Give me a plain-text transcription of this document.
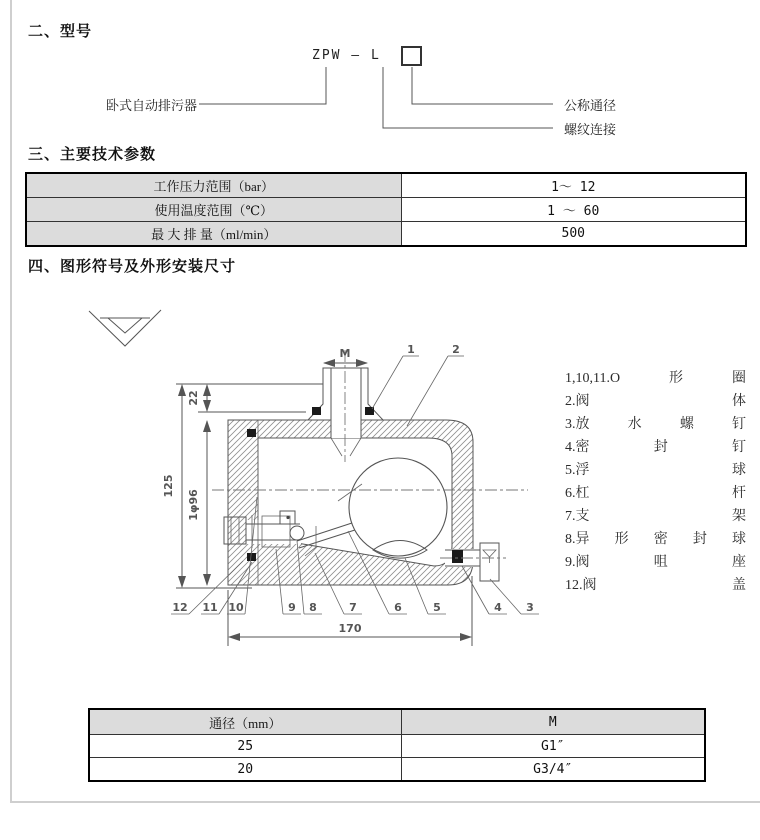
二、型号
三、主要技术参数
四、图形符号及外形安装尺寸
ZPW — L
卧式自动排污器	公称通径
螺纹连接
工作压力范围（bar）	1～ 12
使用温度范围（℃）	1 ～ 60
最 大 排 量（ml/min）	500
22
125
1φ96
170
M	1	2
12 11 10	9 8	7	6	5	4 3
1,10,11. O形圈
2. 阀体
3. 放水螺钉
4. 密封钉
5. 浮球
6. 杠杆
7. 支架
8. 异形密封球
9. 阀咀座
12. 阀盖
通径（mm）	M
25	G1″
20	G3/4″
